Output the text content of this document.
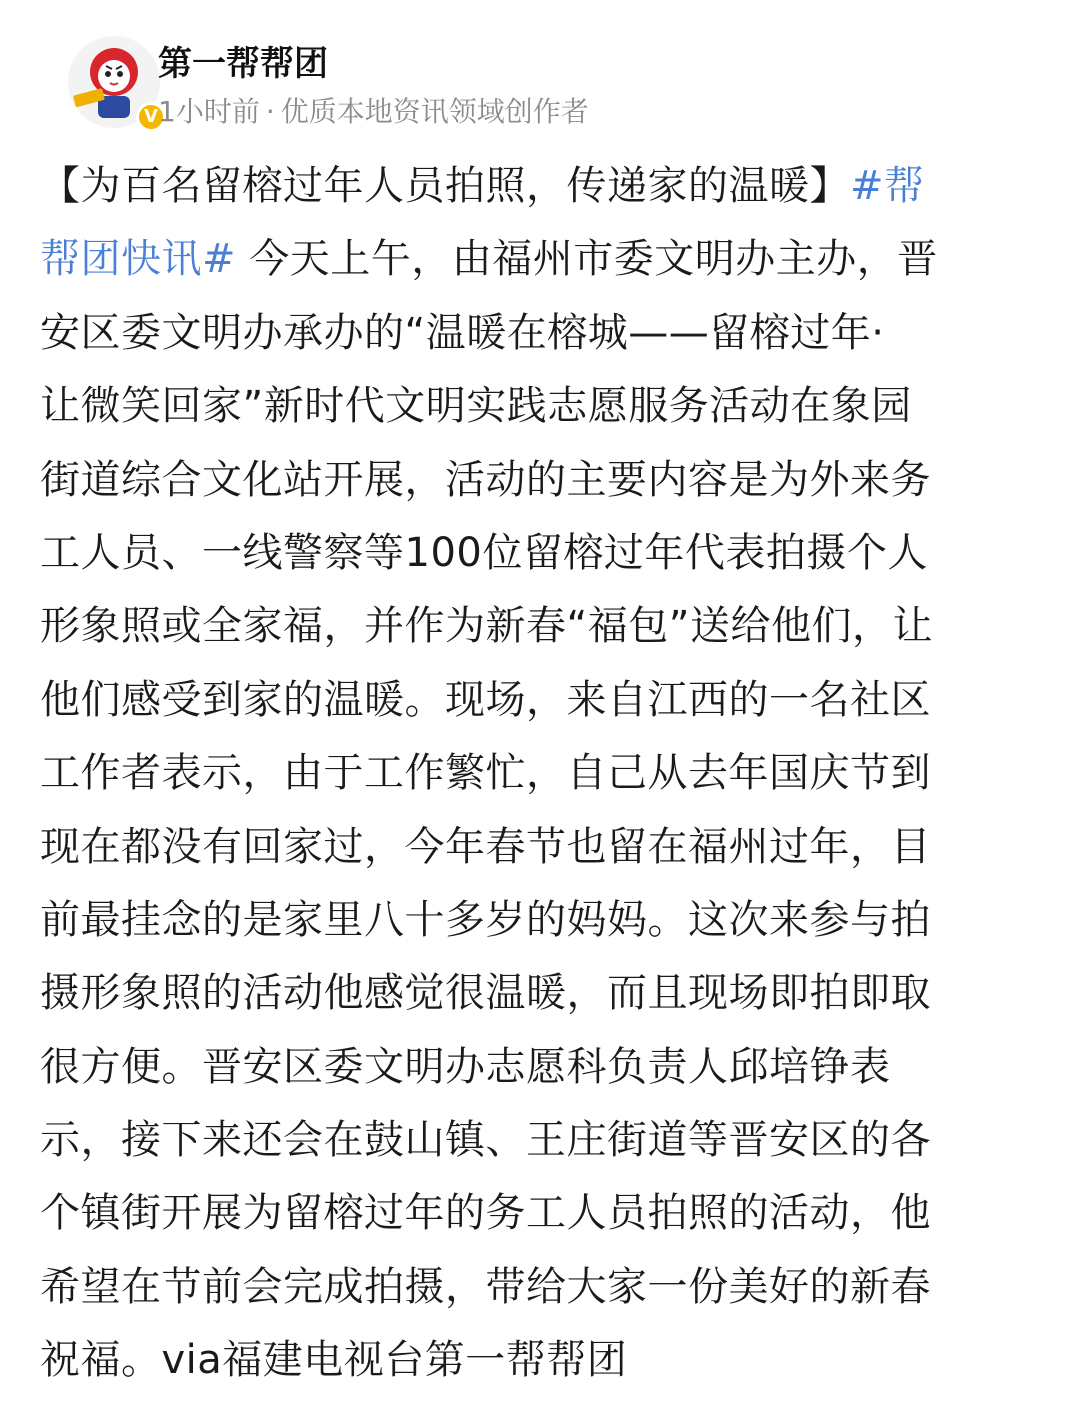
V
第一帮帮团
1小时前 · 优质本地资讯领域创作者
【为百名留榕过年人员拍照，传递家的温暖】#帮
帮团快讯# 今天上午，由福州市委文明办主办，晋
安区委文明办承办的“温暖在榕城——留榕过年·
让微笑回家”新时代文明实践志愿服务活动在象园
街道综合文化站开展，活动的主要内容是为外来务
工人员、一线警察等100位留榕过年代表拍摄个人
形象照或全家福，并作为新春“福包”送给他们，让
他们感受到家的温暖。现场，来自江西的一名社区
工作者表示，由于工作繁忙，自己从去年国庆节到
现在都没有回家过，今年春节也留在福州过年，目
前最挂念的是家里八十多岁的妈妈。这次来参与拍
摄形象照的活动他感觉很温暖，而且现场即拍即取
很方便。晋安区委文明办志愿科负责人邱培铮表
示，接下来还会在鼓山镇、王庄街道等晋安区的各
个镇街开展为留榕过年的务工人员拍照的活动，他
希望在节前会完成拍摄，带给大家一份美好的新春
祝福。via福建电视台第一帮帮团
